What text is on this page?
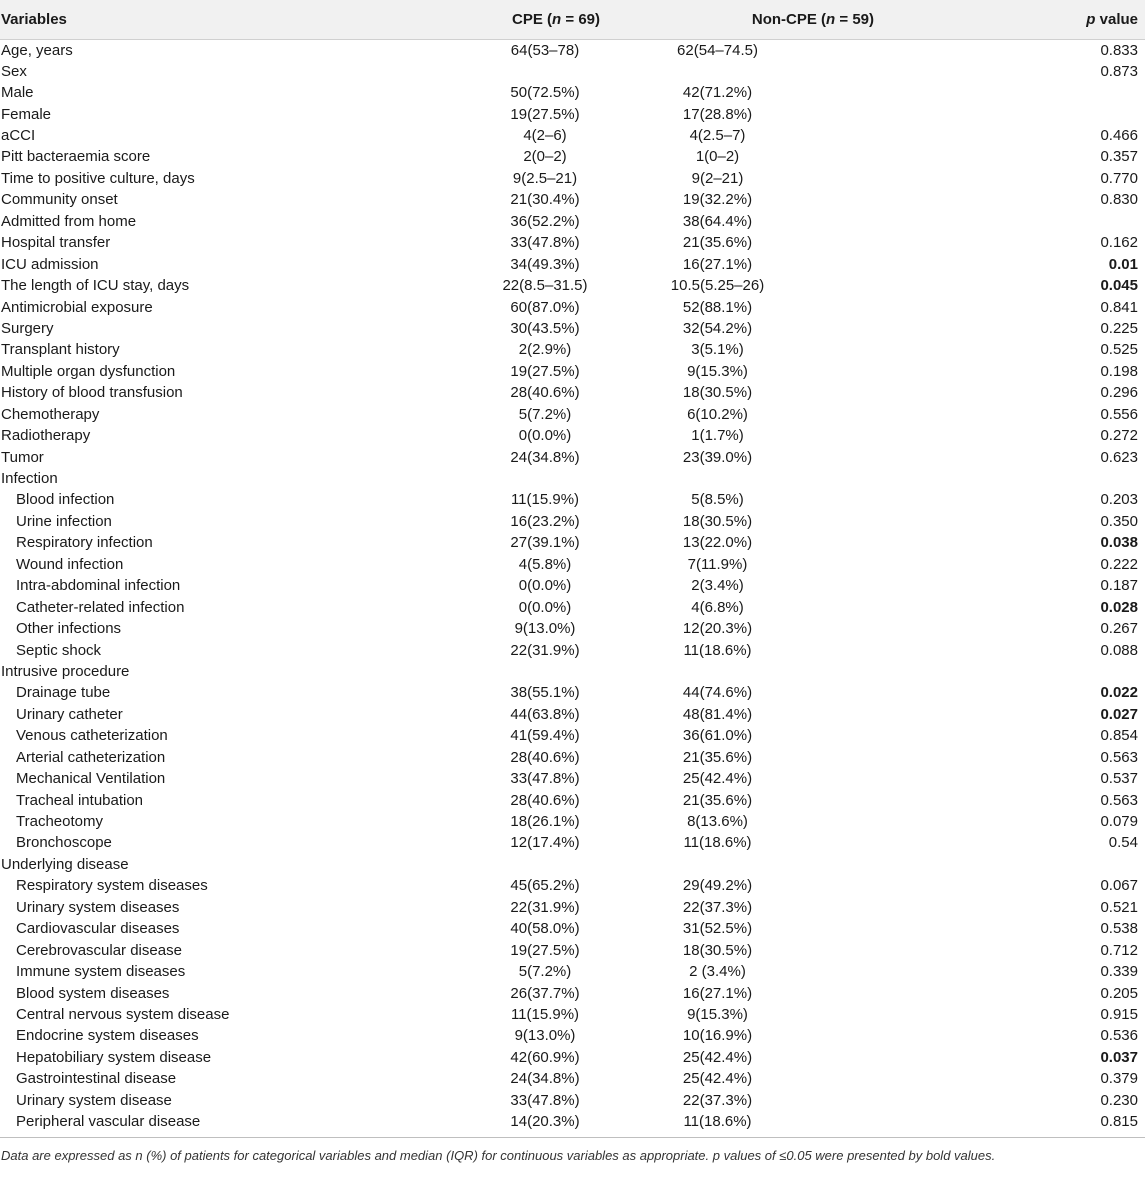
Variables	CPE (n = 69)	Non-CPE (n = 59)	p value
Age, years	64(53–78)	62(54–74.5)	0.833
Sex			0.873
Male	50(72.5%)	42(71.2%)	
Female	19(27.5%)	17(28.8%)	
aCCI	4(2–6)	4(2.5–7)	0.466
Pitt bacteraemia score	2(0–2)	1(0–2)	0.357
Time to positive culture, days	9(2.5–21)	9(2–21)	0.770
Community onset	21(30.4%)	19(32.2%)	0.830
Admitted from home	36(52.2%)	38(64.4%)	
Hospital transfer	33(47.8%)	21(35.6%)	0.162
ICU admission	34(49.3%)	16(27.1%)	0.01
The length of ICU stay, days	22(8.5–31.5)	10.5(5.25–26)	0.045
Antimicrobial exposure	60(87.0%)	52(88.1%)	0.841
Surgery	30(43.5%)	32(54.2%)	0.225
Transplant history	2(2.9%)	3(5.1%)	0.525
Multiple organ dysfunction	19(27.5%)	9(15.3%)	0.198
History of blood transfusion	28(40.6%)	18(30.5%)	0.296
Chemotherapy	5(7.2%)	6(10.2%)	0.556
Radiotherapy	0(0.0%)	1(1.7%)	0.272
Tumor	24(34.8%)	23(39.0%)	0.623
Infection			
Blood infection	11(15.9%)	5(8.5%)	0.203
Urine infection	16(23.2%)	18(30.5%)	0.350
Respiratory infection	27(39.1%)	13(22.0%)	0.038
Wound infection	4(5.8%)	7(11.9%)	0.222
Intra-abdominal infection	0(0.0%)	2(3.4%)	0.187
Catheter-related infection	0(0.0%)	4(6.8%)	0.028
Other infections	9(13.0%)	12(20.3%)	0.267
Septic shock	22(31.9%)	11(18.6%)	0.088
Intrusive procedure			
Drainage tube	38(55.1%)	44(74.6%)	0.022
Urinary catheter	44(63.8%)	48(81.4%)	0.027
Venous catheterization	41(59.4%)	36(61.0%)	0.854
Arterial catheterization	28(40.6%)	21(35.6%)	0.563
Mechanical Ventilation	33(47.8%)	25(42.4%)	0.537
Tracheal intubation	28(40.6%)	21(35.6%)	0.563
Tracheotomy	18(26.1%)	8(13.6%)	0.079
Bronchoscope	12(17.4%)	11(18.6%)	0.54
Underlying disease			
Respiratory system diseases	45(65.2%)	29(49.2%)	0.067
Urinary system diseases	22(31.9%)	22(37.3%)	0.521
Cardiovascular diseases	40(58.0%)	31(52.5%)	0.538
Cerebrovascular disease	19(27.5%)	18(30.5%)	0.712
Immune system diseases	5(7.2%)	2 (3.4%)	0.339
Blood system diseases	26(37.7%)	16(27.1%)	0.205
Central nervous system disease	11(15.9%)	9(15.3%)	0.915
Endocrine system diseases	9(13.0%)	10(16.9%)	0.536
Hepatobiliary system disease	42(60.9%)	25(42.4%)	0.037
Gastrointestinal disease	24(34.8%)	25(42.4%)	0.379
Urinary system disease	33(47.8%)	22(37.3%)	0.230
Peripheral vascular disease	14(20.3%)	11(18.6%)	0.815
Data are expressed as n (%) of patients for categorical variables and median (IQR) for continuous variables as appropriate. p values of ≤0.05 were presented by bold values.
